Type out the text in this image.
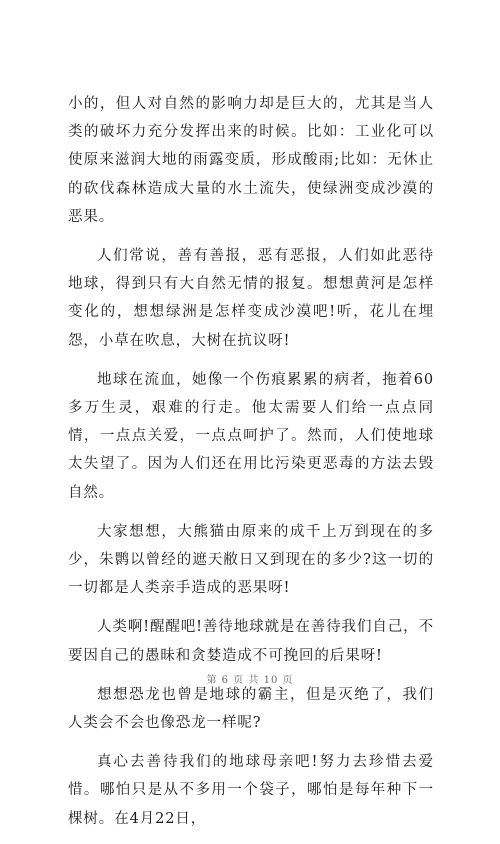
小的，但人对自然的影响力却是巨大的，尤其是当人类的破坏力充分发挥出来的时候。比如：工业化可以使原来滋润大地的雨露变质，形成酸雨;比如：无休止的砍伐森林造成大量的水土流失，使绿洲变成沙漠的恶果。

人们常说，善有善报，恶有恶报，人们如此恶待地球，得到只有大自然无情的报复。想想黄河是怎样变化的，想想绿洲是怎样变成沙漠吧!听，花儿在埋怨，小草在吹息，大树在抗议呀!

地球在流血，她像一个伤痕累累的病者，拖着60多万生灵，艰难的行走。他太需要人们给一点点同情，一点点关爱，一点点呵护了。然而，人们使地球太失望了。因为人们还在用比污染更恶毒的方法去毁自然。

大家想想，大熊猫由原来的成千上万到现在的多少，朱鹮以曾经的遮天敝日又到现在的多少?这一切的一切都是人类亲手造成的恶果呀!

人类啊!醒醒吧!善待地球就是在善待我们自己，不要因自己的愚昧和贪婪造成不可挽回的后果呀!

想想恐龙也曾是地球的霸主，但是灭绝了，我们人类会不会也像恐龙一样呢?

真心去善待我们的地球母亲吧!努力去珍惜去爱惜。哪怕只是从不多用一个袋子，哪怕是每年种下一棵树。在4月22日，

第 6 页 共 10 页
